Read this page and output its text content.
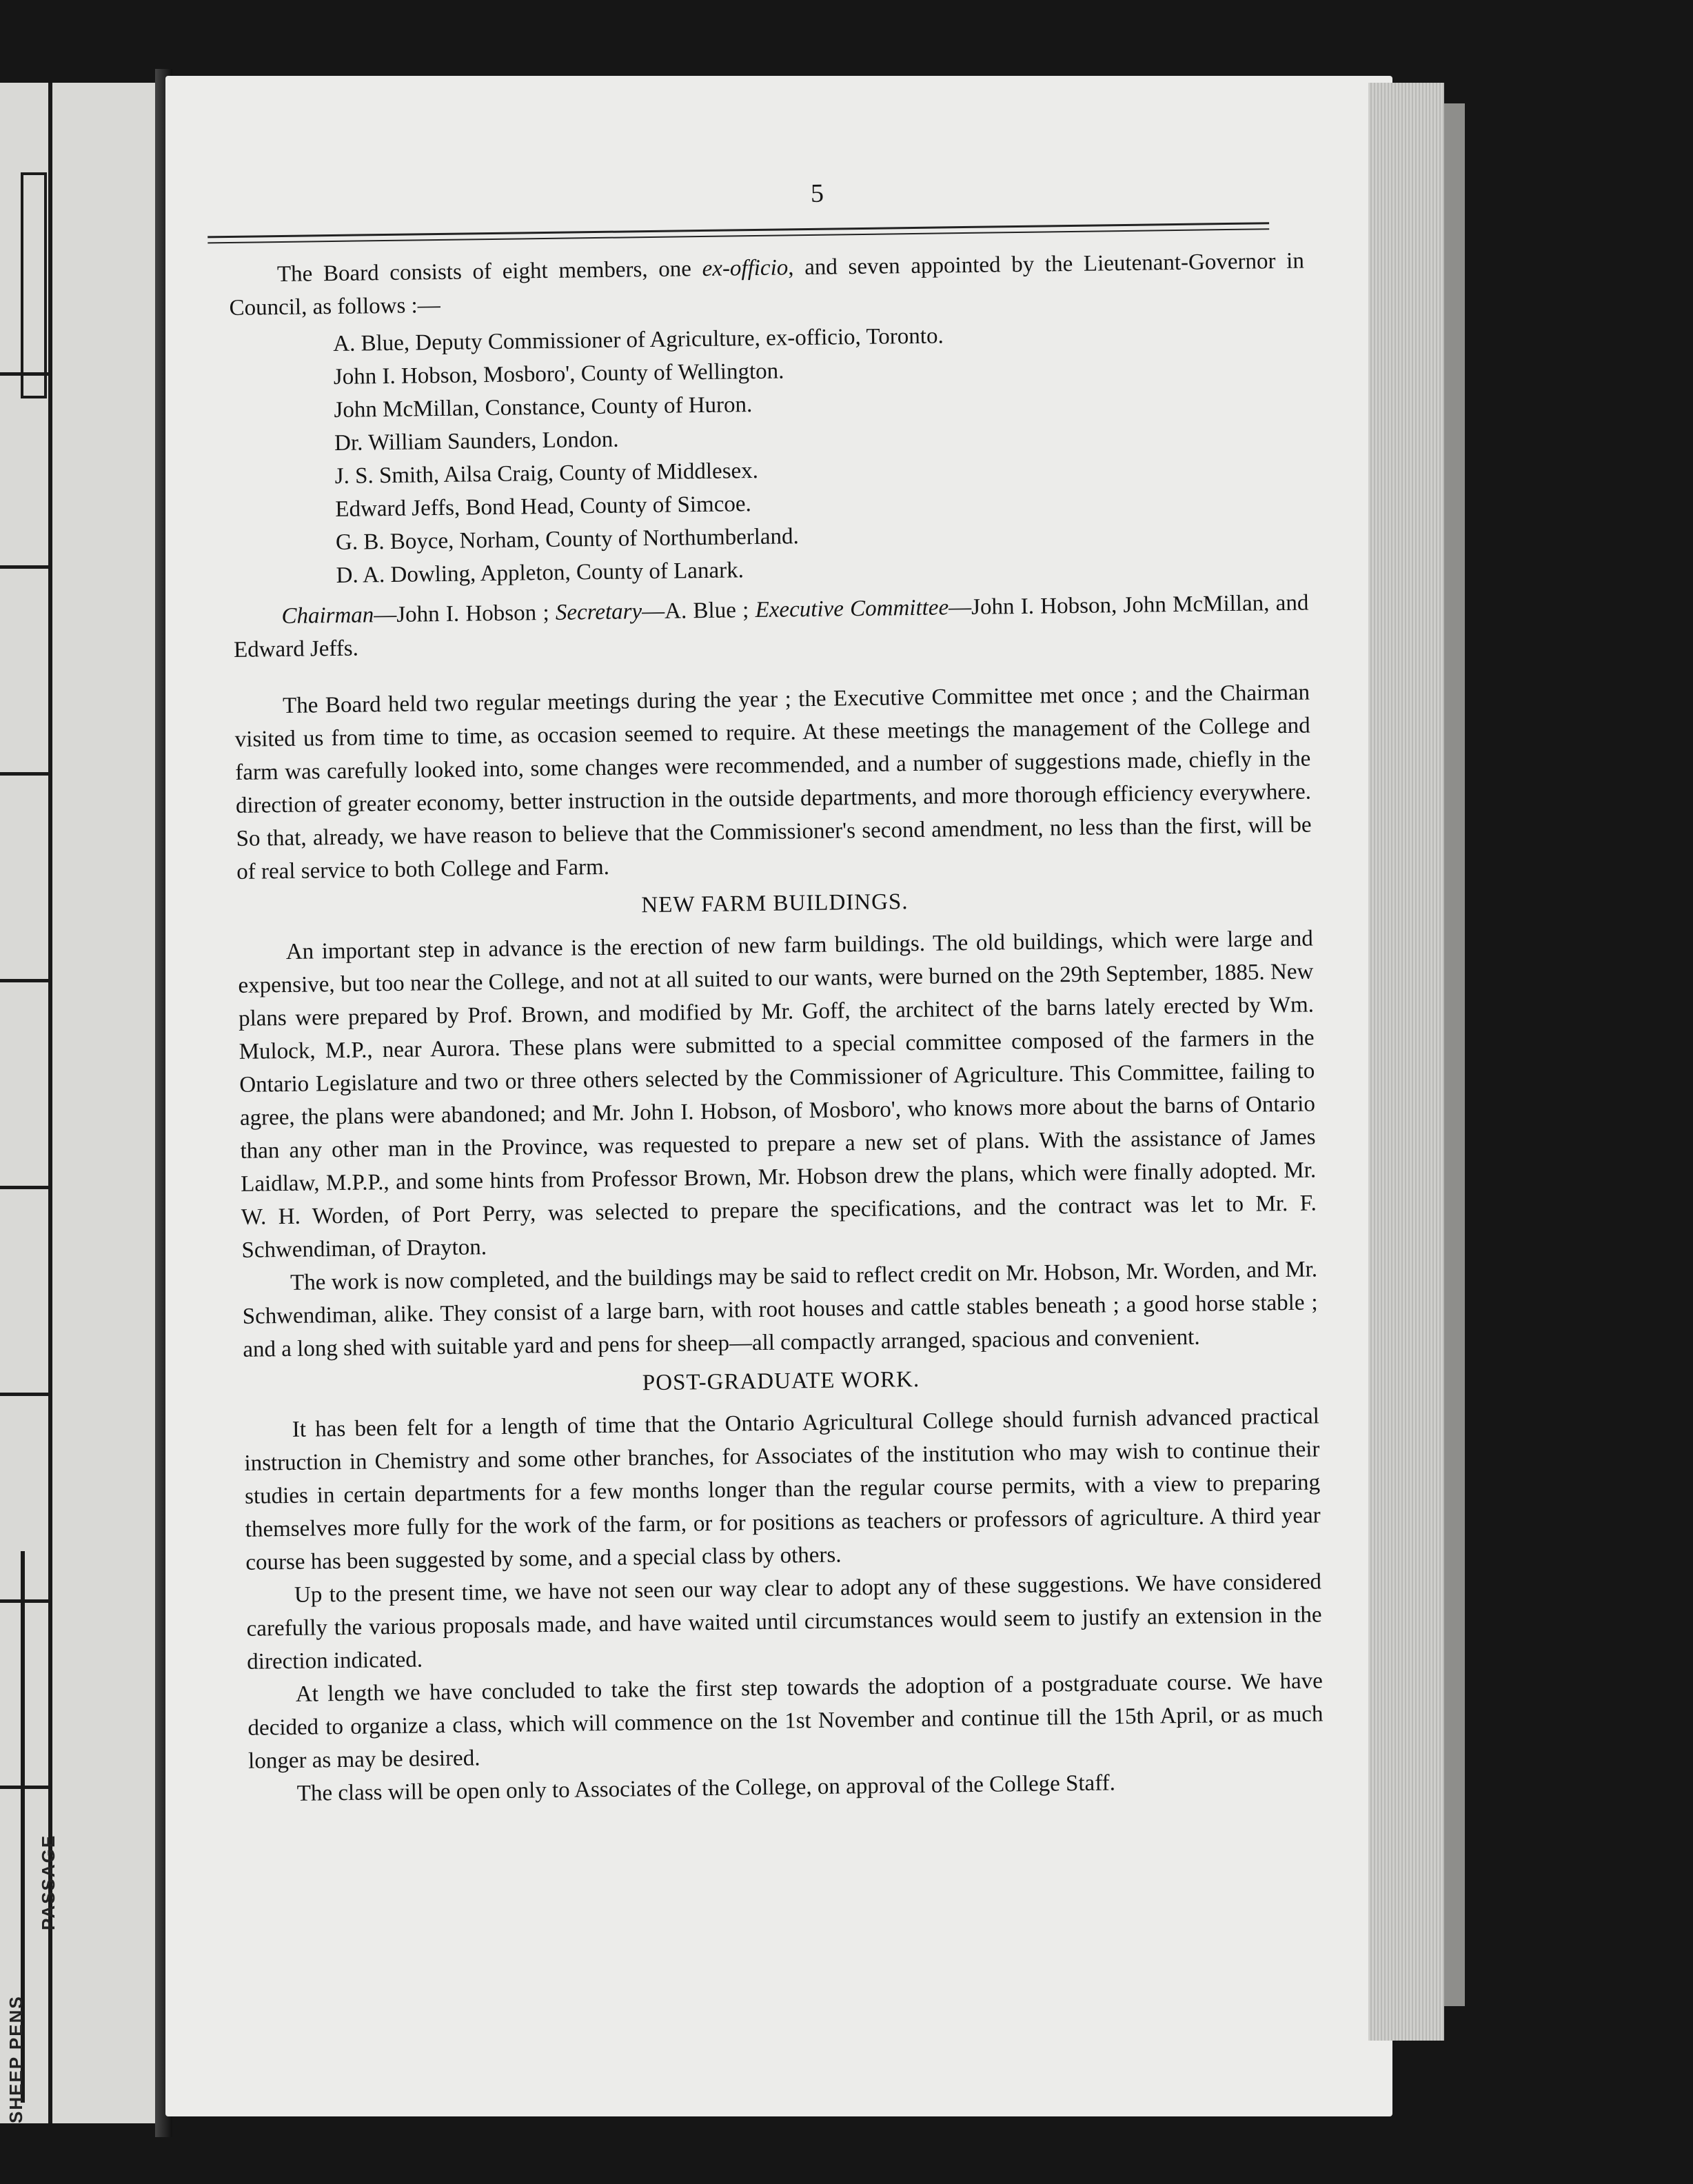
PASSAGE
SHEEP PENS
5

The Board consists of eight members, one ex-officio, and seven appointed by the Lieutenant-Governor in Council, as follows :—

A. Blue, Deputy Commissioner of Agriculture, ex-officio, Toronto.
John I. Hobson, Mosboro', County of Wellington.
John McMillan, Constance, County of Huron.
Dr. William Saunders, London.
J. S. Smith, Ailsa Craig, County of Middlesex.
Edward Jeffs, Bond Head, County of Simcoe.
G. B. Boyce, Norham, County of Northumberland.
D. A. Dowling, Appleton, County of Lanark.

Chairman—John I. Hobson ; Secretary—A. Blue ; Executive Committee—John I. Hobson, John McMillan, and Edward Jeffs.

The Board held two regular meetings during the year ; the Executive Committee met once ; and the Chairman visited us from time to time, as occasion seemed to require. At these meetings the management of the College and farm was carefully looked into, some changes were recommended, and a number of suggestions made, chiefly in the direction of greater economy, better instruction in the outside departments, and more thorough efficiency everywhere. So that, already, we have reason to believe that the Commissioner's second amendment, no less than the first, will be of real service to both College and Farm.

NEW FARM BUILDINGS.

An important step in advance is the erection of new farm buildings. The old buildings, which were large and expensive, but too near the College, and not at all suited to our wants, were burned on the 29th September, 1885. New plans were prepared by Prof. Brown, and modified by Mr. Goff, the architect of the barns lately erected by Wm. Mulock, M.P., near Aurora. These plans were submitted to a special committee composed of the farmers in the Ontario Legislature and two or three others selected by the Commissioner of Agriculture. This Committee, failing to agree, the plans were abandoned; and Mr. John I. Hobson, of Mosboro', who knows more about the barns of Ontario than any other man in the Province, was requested to prepare a new set of plans. With the assistance of James Laidlaw, M.P.P., and some hints from Professor Brown, Mr. Hobson drew the plans, which were finally adopted. Mr. W. H. Worden, of Port Perry, was selected to prepare the specifications, and the contract was let to Mr. F. Schwendiman, of Drayton.

The work is now completed, and the buildings may be said to reflect credit on Mr. Hobson, Mr. Worden, and Mr. Schwendiman, alike. They consist of a large barn, with root houses and cattle stables beneath ; a good horse stable ; and a long shed with suitable yard and pens for sheep—all compactly arranged, spacious and convenient.

POST-GRADUATE WORK.

It has been felt for a length of time that the Ontario Agricultural College should furnish advanced practical instruction in Chemistry and some other branches, for Associates of the institution who may wish to continue their studies in certain departments for a few months longer than the regular course permits, with a view to preparing themselves more fully for the work of the farm, or for positions as teachers or professors of agriculture. A third year course has been suggested by some, and a special class by others.

Up to the present time, we have not seen our way clear to adopt any of these suggestions. We have considered carefully the various proposals made, and have waited until circumstances would seem to justify an extension in the direction indicated.

At length we have concluded to take the first step towards the adoption of a postgraduate course. We have decided to organize a class, which will commence on the 1st November and continue till the 15th April, or as much longer as may be desired.

The class will be open only to Associates of the College, on approval of the College Staff.
